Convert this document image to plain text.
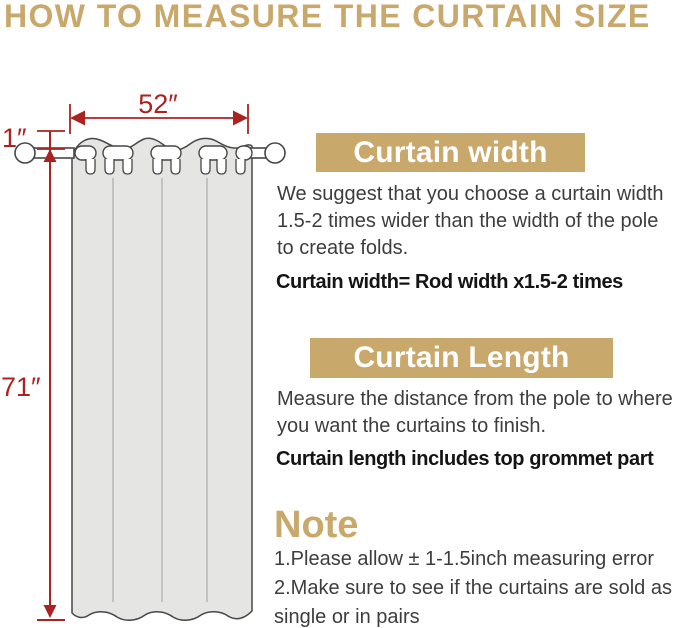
HOW TO MEASURE THE CURTAIN SIZE
52″
1″
71″
Curtain width

We suggest that you choose a curtain width 1.5-2 times wider than the width of the pole to create folds.

Curtain width= Rod width x1.5-2 times

Curtain Length

Measure the distance from the pole to where you want the curtains to finish.

Curtain length includes top grommet part

Note

1.Please allow ± 1-1.5inch measuring error

2.Make sure to see if the curtains are sold as single or in pairs
